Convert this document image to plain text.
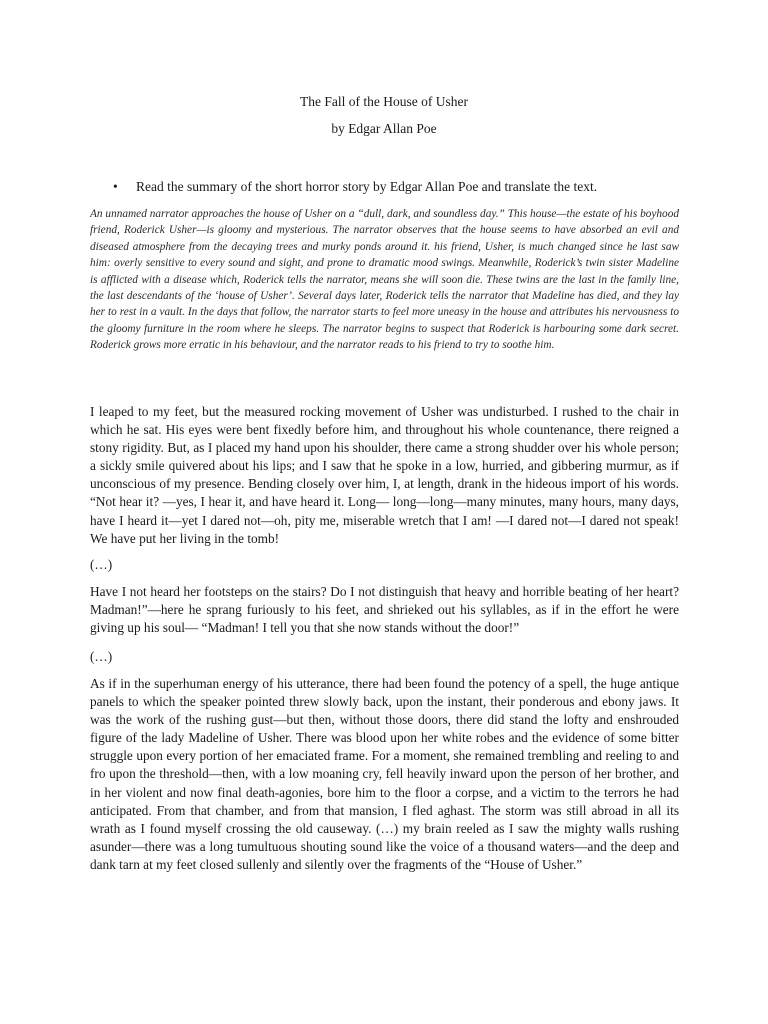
The Fall of the House of Usher

by Edgar Allan Poe

• Read the summary of the short horror story by Edgar Allan Poe and translate the text.

An unnamed narrator approaches the house of Usher on a “dull, dark, and soundless day.” This house—the estate of his boyhood friend, Roderick Usher—is gloomy and mysterious. The narrator observes that the house seems to have absorbed an evil and diseased atmosphere from the decaying trees and murky ponds around it. his friend, Usher, is much changed since he last saw him: overly sensitive to every sound and sight, and prone to dramatic mood swings. Meanwhile, Roderick’s twin sister Madeline is afflicted with a disease which, Roderick tells the narrator, means she will soon die. These twins are the last in the family line, the last descendants of the ‘house of Usher’. Several days later, Roderick tells the narrator that Madeline has died, and they lay her to rest in a vault. In the days that follow, the narrator starts to feel more uneasy in the house and attributes his nervousness to the gloomy furniture in the room where he sleeps. The narrator begins to suspect that Roderick is harbouring some dark secret. Roderick grows more erratic in his behaviour, and the narrator reads to his friend to try to soothe him.

I leaped to my feet, but the measured rocking movement of Usher was undisturbed. I rushed to the chair in which he sat. His eyes were bent fixedly before him, and throughout his whole countenance, there reigned a stony rigidity. But, as I placed my hand upon his shoulder, there came a strong shudder over his whole person; a sickly smile quivered about his lips; and I saw that he spoke in a low, hurried, and gibbering murmur, as if unconscious of my presence. Bending closely over him, I, at length, drank in the hideous import of his words. “Not hear it? —yes, I hear it, and have heard it. Long— long—long—many minutes, many hours, many days, have I heard it—yet I dared not—oh, pity me, miserable wretch that I am! —I dared not—I dared not speak! We have put her living in the tomb!

(…)

Have I not heard her footsteps on the stairs? Do I not distinguish that heavy and horrible beating of her heart? Madman!”—here he sprang furiously to his feet, and shrieked out his syllables, as if in the effort he were giving up his soul— “Madman! I tell you that she now stands without the door!”

(…)

As if in the superhuman energy of his utterance, there had been found the potency of a spell, the huge antique panels to which the speaker pointed threw slowly back, upon the instant, their ponderous and ebony jaws. It was the work of the rushing gust—but then, without those doors, there did stand the lofty and enshrouded figure of the lady Madeline of Usher. There was blood upon her white robes and the evidence of some bitter struggle upon every portion of her emaciated frame. For a moment, she remained trembling and reeling to and fro upon the threshold—then, with a low moaning cry, fell heavily inward upon the person of her brother, and in her violent and now final death-agonies, bore him to the floor a corpse, and a victim to the terrors he had anticipated. From that chamber, and from that mansion, I fled aghast. The storm was still abroad in all its wrath as I found myself crossing the old causeway. (…) my brain reeled as I saw the mighty walls rushing asunder—there was a long tumultuous shouting sound like the voice of a thousand waters—and the deep and dank tarn at my feet closed sullenly and silently over the fragments of the “House of Usher.”
